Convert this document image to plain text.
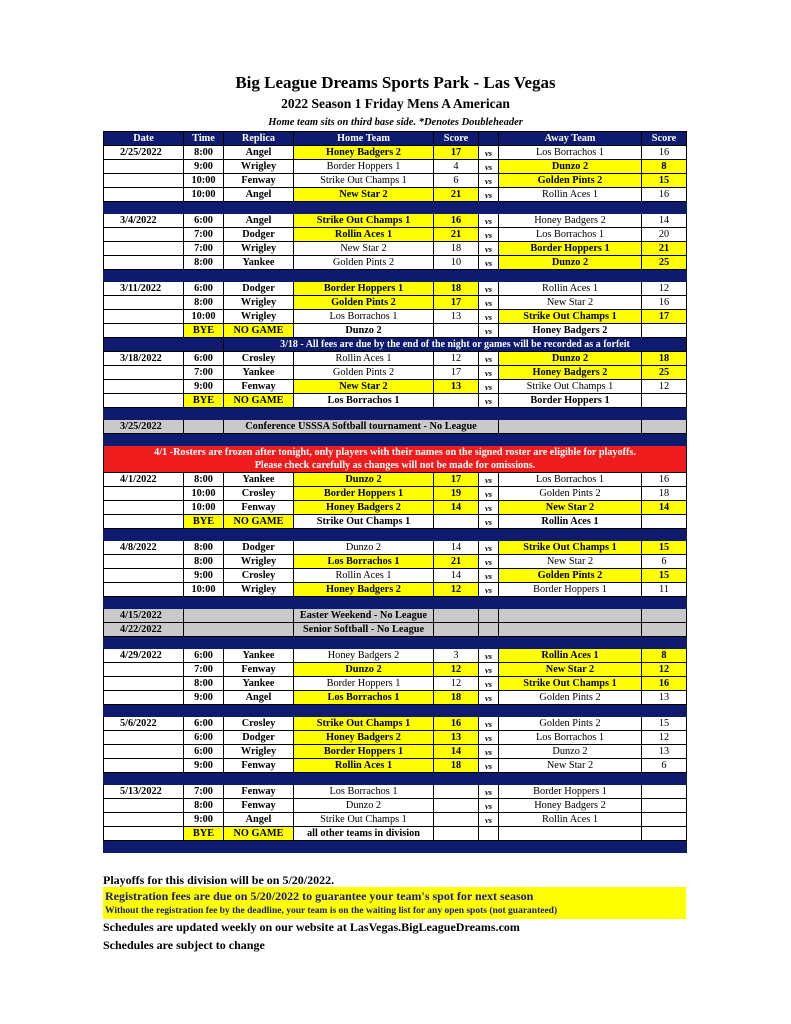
Big League Dreams Sports Park - Las Vegas
2022 Season 1 Friday Mens A American
Home team sits on third base side. *Denotes Doubleheader
Date	Time	Replica	Home Team	Score		Away Team	Score
2/25/2022	8:00	Angel	Honey Badgers 2	17	vs	Los Borrachos 1	16
	9:00	Wrigley	Border Hoppers 1	4	vs	Dunzo 2	8
	10:00	Fenway	Strike Out Champs 1	6	vs	Golden Pints 2	15
	10:00	Angel	New Star 2	21	vs	Rollin Aces 1	16

3/4/2022	6:00	Angel	Strike Out Champs 1	16	vs	Honey Badgers 2	14
	7:00	Dodger	Rollin Aces 1	21	vs	Los Borrachos 1	20
	7:00	Wrigley	New Star 2	18	vs	Border Hoppers 1	21
	8:00	Yankee	Golden Pints 2	10	vs	Dunzo 2	25

3/11/2022	6:00	Dodger	Border Hoppers 1	18	vs	Rollin Aces 1	12
	8:00	Wrigley	Golden Pints 2	17	vs	New Star 2	16
	10:00	Wrigley	Los Borrachos 1	13	vs	Strike Out Champs 1	17
	BYE	NO GAME	Dunzo 2		vs	Honey Badgers 2	
		3/18 - All fees are due by the end of the night or games will be recorded as a forfeit					
3/18/2022	6:00	Crosley	Rollin Aces 1	12	vs	Dunzo 2	18
	7:00	Yankee	Golden Pints 2	17	vs	Honey Badgers 2	25
	9:00	Fenway	New Star 2	13	vs	Strike Out Champs 1	12
	BYE	NO GAME	Los Borrachos 1		vs	Border Hoppers 1	

3/25/2022		Conference USSSA Softball tournament - No League					

4/1 -Rosters are frozen after tonight, only players with their names on the signed roster are eligible for playoffs.
Please check carefully as changes will not be made for omissions.							

4/1/2022	8:00	Yankee	Dunzo 2	17	vs	Los Borrachos 1	16
	10:00	Crosley	Border Hoppers 1	19	vs	Golden Pints 2	18
	10:00	Fenway	Honey Badgers 2	14	vs	New Star 2	14
	BYE	NO GAME	Strike Out Champs 1		vs	Rollin Aces 1	

4/8/2022	8:00	Dodger	Dunzo 2	14	vs	Strike Out Champs 1	15
	8:00	Wrigley	Los Borrachos 1	21	vs	New Star 2	6
	9:00	Crosley	Rollin Aces 1	14	vs	Golden Pints 2	15
	10:00	Wrigley	Honey Badgers 2	12	vs	Border Hoppers 1	11

4/15/2022			Easter Weekend - No League				
4/22/2022			Senior Softball - No League				

4/29/2022	6:00	Yankee	Honey Badgers 2	3	vs	Rollin Aces 1	8
	7:00	Fenway	Dunzo 2	12	vs	New Star 2	12
	8:00	Yankee	Border Hoppers 1	12	vs	Strike Out Champs 1	16
	9:00	Angel	Los Borrachos 1	18	vs	Golden Pints 2	13

5/6/2022	6:00	Crosley	Strike Out Champs 1	16	vs	Golden Pints 2	15
	6:00	Dodger	Honey Badgers 2	13	vs	Los Borrachos 1	12
	6:00	Wrigley	Border Hoppers 1	14	vs	Dunzo 2	13
	9:00	Fenway	Rollin Aces 1	18	vs	New Star 2	6

5/13/2022	7:00	Fenway	Los Borrachos 1		vs	Border Hoppers 1	
	8:00	Fenway	Dunzo 2		vs	Honey Badgers 2	
	9:00	Angel	Strike Out Champs 1		vs	Rollin Aces 1	
	BYE	NO GAME	all other teams in division				

Playoffs for this division will be on 5/20/2022.
Registration fees are due on 5/20/2022 to guarantee your team's spot for next season
Without the registration fee by the deadline, your team is on the waiting list for any open spots (not guaranteed)
Schedules are updated weekly on our website at LasVegas.BigLeagueDreams.com
Schedules are subject to change
